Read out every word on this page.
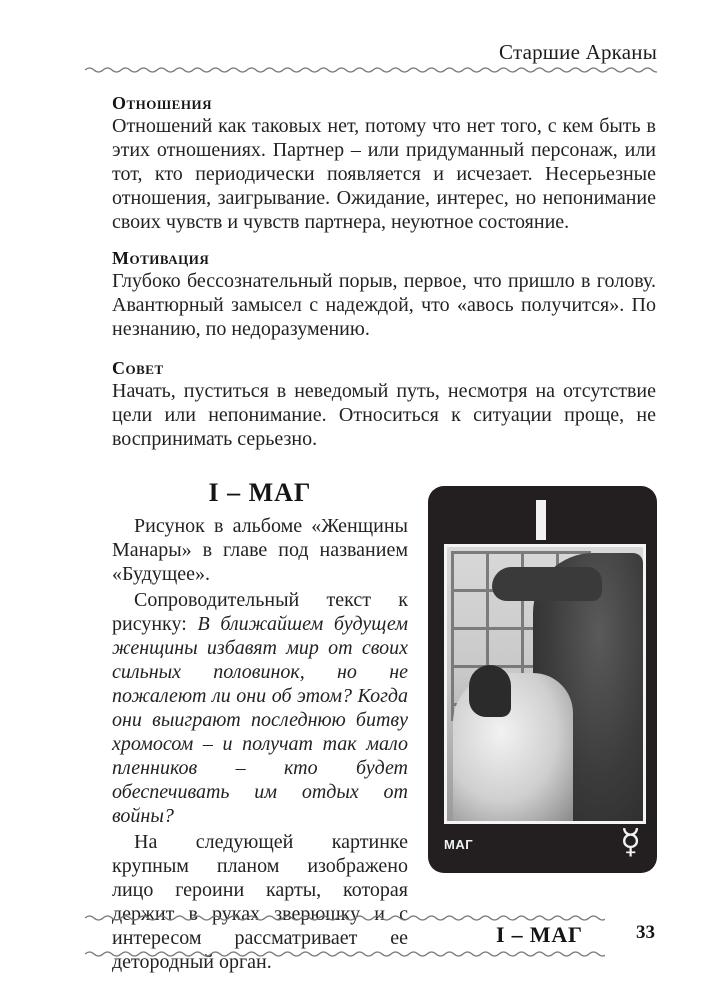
Старшие Арканы
Отношения

Отношений как таковых нет, потому что нет того, с кем быть в этих отношениях. Партнер – или придуманный персонаж, или тот, кто периодически появляется и исчезает. Несерьезные отношения, заигрывание. Ожидание, интерес, но непонимание своих чувств и чувств партнера, неуютное состояние.

Мотивация

Глубоко бессознательный порыв, первое, что пришло в голову. Авантюрный замысел с надеждой, что «авось получится». По незнанию, по недоразумению.

Совет

Начать, пуститься в неведомый путь, несмотря на отсутствие цели или непонимание. Относиться к ситуации проще, не воспринимать серьезно.

I – МАГ

Рисунок в альбоме «Женщины Манары» в главе под названием «Будущее».

Сопроводительный текст к рисунку: В ближайшем будущем женщины избавят мир от своих сильных половинок, но не пожалеют ли они об этом? Когда они выиграют последнюю битву хромосом – и получат так мало пленников – кто будет обеспечивать им отдых от войны?

На следующей картинке крупным планом изображено лицо героини карты, которая держит в руках зверюшку и с интересом рассматривает ее детородный орган.

МАГ	☿
I – МАГ	33
